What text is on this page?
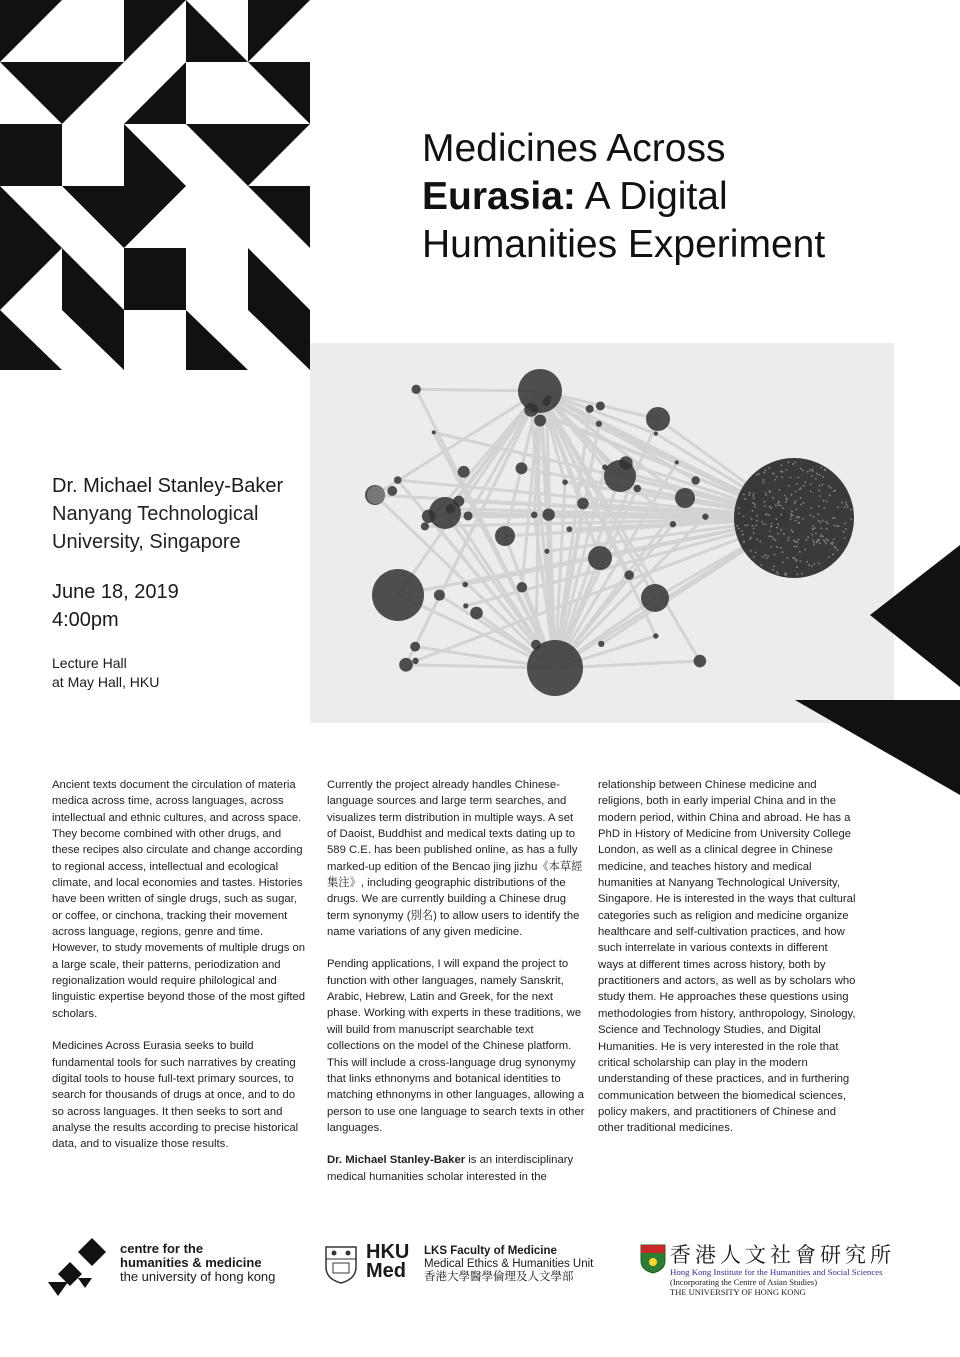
Medicines Across
Eurasia: A Digital
Humanities Experiment
Dr. Michael Stanley-Baker
Nanyang Technological
University, Singapore
June 18, 2019
4:00pm
Lecture Hall
at May Hall, HKU

Ancient texts document the circulation of materia medica across time, across languages, across intellectual and ethnic cultures, and across space. They become combined with other drugs, and these recipes also circulate and change according to regional access, intellectual and ecological climate, and local economies and tastes. Histories have been written of single drugs, such as sugar, or coffee, or cinchona, tracking their movement across language, regions, genre and time. However, to study movements of multiple drugs on a large scale, their patterns, periodization and regionalization would require philological and linguistic expertise beyond those of the most gifted scholars.

Medicines Across Eurasia seeks to build fundamental tools for such narratives by creating digital tools to house full-text primary sources, to search for thousands of drugs at once, and to do so across languages. It then seeks to sort and analyse the results according to precise historical data, and to visualize those results.

Currently the project already handles Chinese-language sources and large term searches, and visualizes term distribution in multiple ways. A set of Daoist, Buddhist and medical texts dating up to 589 C.E. has been published online, as has a fully marked-up edition of the Bencao jing jizhu《本草經集注》, including geographic distributions of the drugs. We are currently building a Chinese drug term synonymy (別名) to allow users to identify the name variations of any given medicine.

Pending applications, I will expand the project to function with other languages, namely Sanskrit, Arabic, Hebrew, Latin and Greek, for the next phase. Working with experts in these traditions, we will build from manuscript searchable text collections on the model of the Chinese platform. This will include a cross-language drug synonymy that links ethnonyms and botanical identities to matching ethnonyms in other languages, allowing a person to use one language to search texts in other languages.

Dr. Michael Stanley-Baker is an interdisciplinary medical humanities scholar interested in the

relationship between Chinese medicine and religions, both in early imperial China and in the modern period, within China and abroad. He has a PhD in History of Medicine from University College London, as well as a clinical degree in Chinese medicine, and teaches history and medical humanities at Nanyang Technological University, Singapore. He is interested in the ways that cultural categories such as religion and medicine organize healthcare and self-cultivation practices, and how such interrelate in various contexts in different ways at different times across history, both by practitioners and actors, as well as by scholars who study them. He approaches these questions using methodologies from history, anthropology, Sinology, Science and Technology Studies, and Digital Humanities. He is very interested in the role that critical scholarship can play in the modern understanding of these practices, and in furthering communication between the biomedical sciences, policy makers, and practitioners of Chinese and other traditional medicines.

centre for the
humanities & medicine
the university of hong kong
HKU
Med
LKS Faculty of Medicine
Medical Ethics & Humanities Unit
香港大學醫學倫理及人文學部
香港人文社會研究所
Hong Kong Institute for the Humanities and Social Sciences
(Incorporating the Centre of Asian Studies)
THE UNIVERSITY OF HONG KONG
